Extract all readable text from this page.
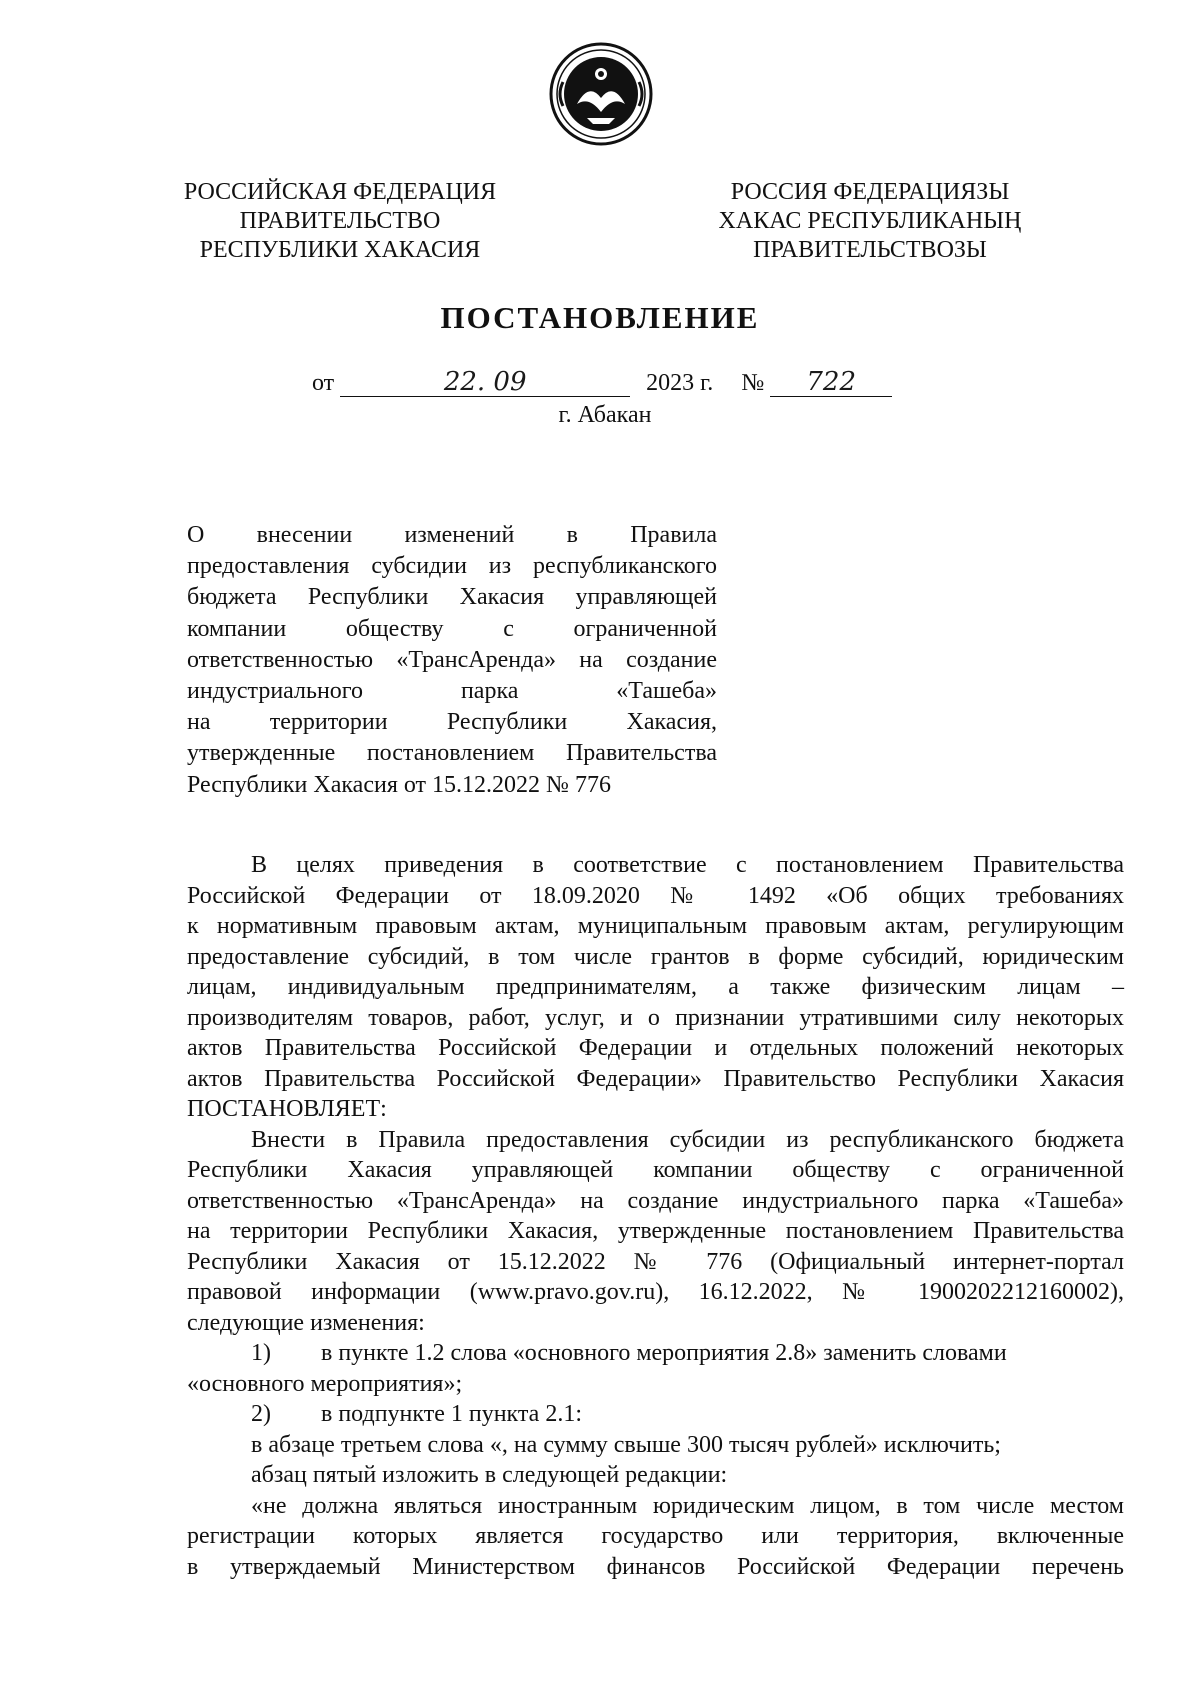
РОССИЙСКАЯ ФЕДЕРАЦИЯ
ПРАВИТЕЛЬСТВО
РЕСПУБЛИКИ ХАКАСИЯ
РОССИЯ ФЕДЕРАЦИЯЗЫ
ХАКАС РЕСПУБЛИКАНЫҢ
ПРАВИТЕЛЬСТВОЗЫ
ПОСТАНОВЛЕНИЕ
от	22. 09	2023 г. № 722
г. Абакан
О внесении изменений в Правила
предоставления субсидии из республиканского
бюджета Республики Хакасия управляющей
компании обществу с ограниченной
ответственностью «ТрансАренда» на создание
индустриального парка «Ташеба»
на территории Республики Хакасия,
утвержденные постановлением Правительства
Республики Хакасия от 15.12.2022 № 776
В целях приведения в соответствие с постановлением Правительства
Российской Федерации от 18.09.2020 № 1492 «Об общих требованиях
к нормативным правовым актам, муниципальным правовым актам, регулирующим
предоставление субсидий, в том числе грантов в форме субсидий, юридическим
лицам, индивидуальным предпринимателям, а также физическим лицам –
производителям товаров, работ, услуг, и о признании утратившими силу некоторых
актов Правительства Российской Федерации и отдельных положений некоторых
актов Правительства Российской Федерации» Правительство Республики Хакасия
ПОСТАНОВЛЯЕТ:
Внести в Правила предоставления субсидии из республиканского бюджета
Республики Хакасия управляющей компании обществу с ограниченной
ответственностью «ТрансАренда» на создание индустриального парка «Ташеба»
на территории Республики Хакасия, утвержденные постановлением Правительства
Республики Хакасия от 15.12.2022 № 776 (Официальный интернет-портал
правовой информации (www.pravo.gov.ru), 16.12.2022, № 1900202212160002),
следующие изменения:
1) в пункте 1.2 слова «основного мероприятия 2.8» заменить словами
«основного мероприятия»;
2) в подпункте 1 пункта 2.1:
в абзаце третьем слова «, на сумму свыше 300 тысяч рублей» исключить;
абзац пятый изложить в следующей редакции:
«не должна являться иностранным юридическим лицом, в том числе местом
регистрации которых является государство или территория, включенные
в утверждаемый Министерством финансов Российской Федерации перечень
